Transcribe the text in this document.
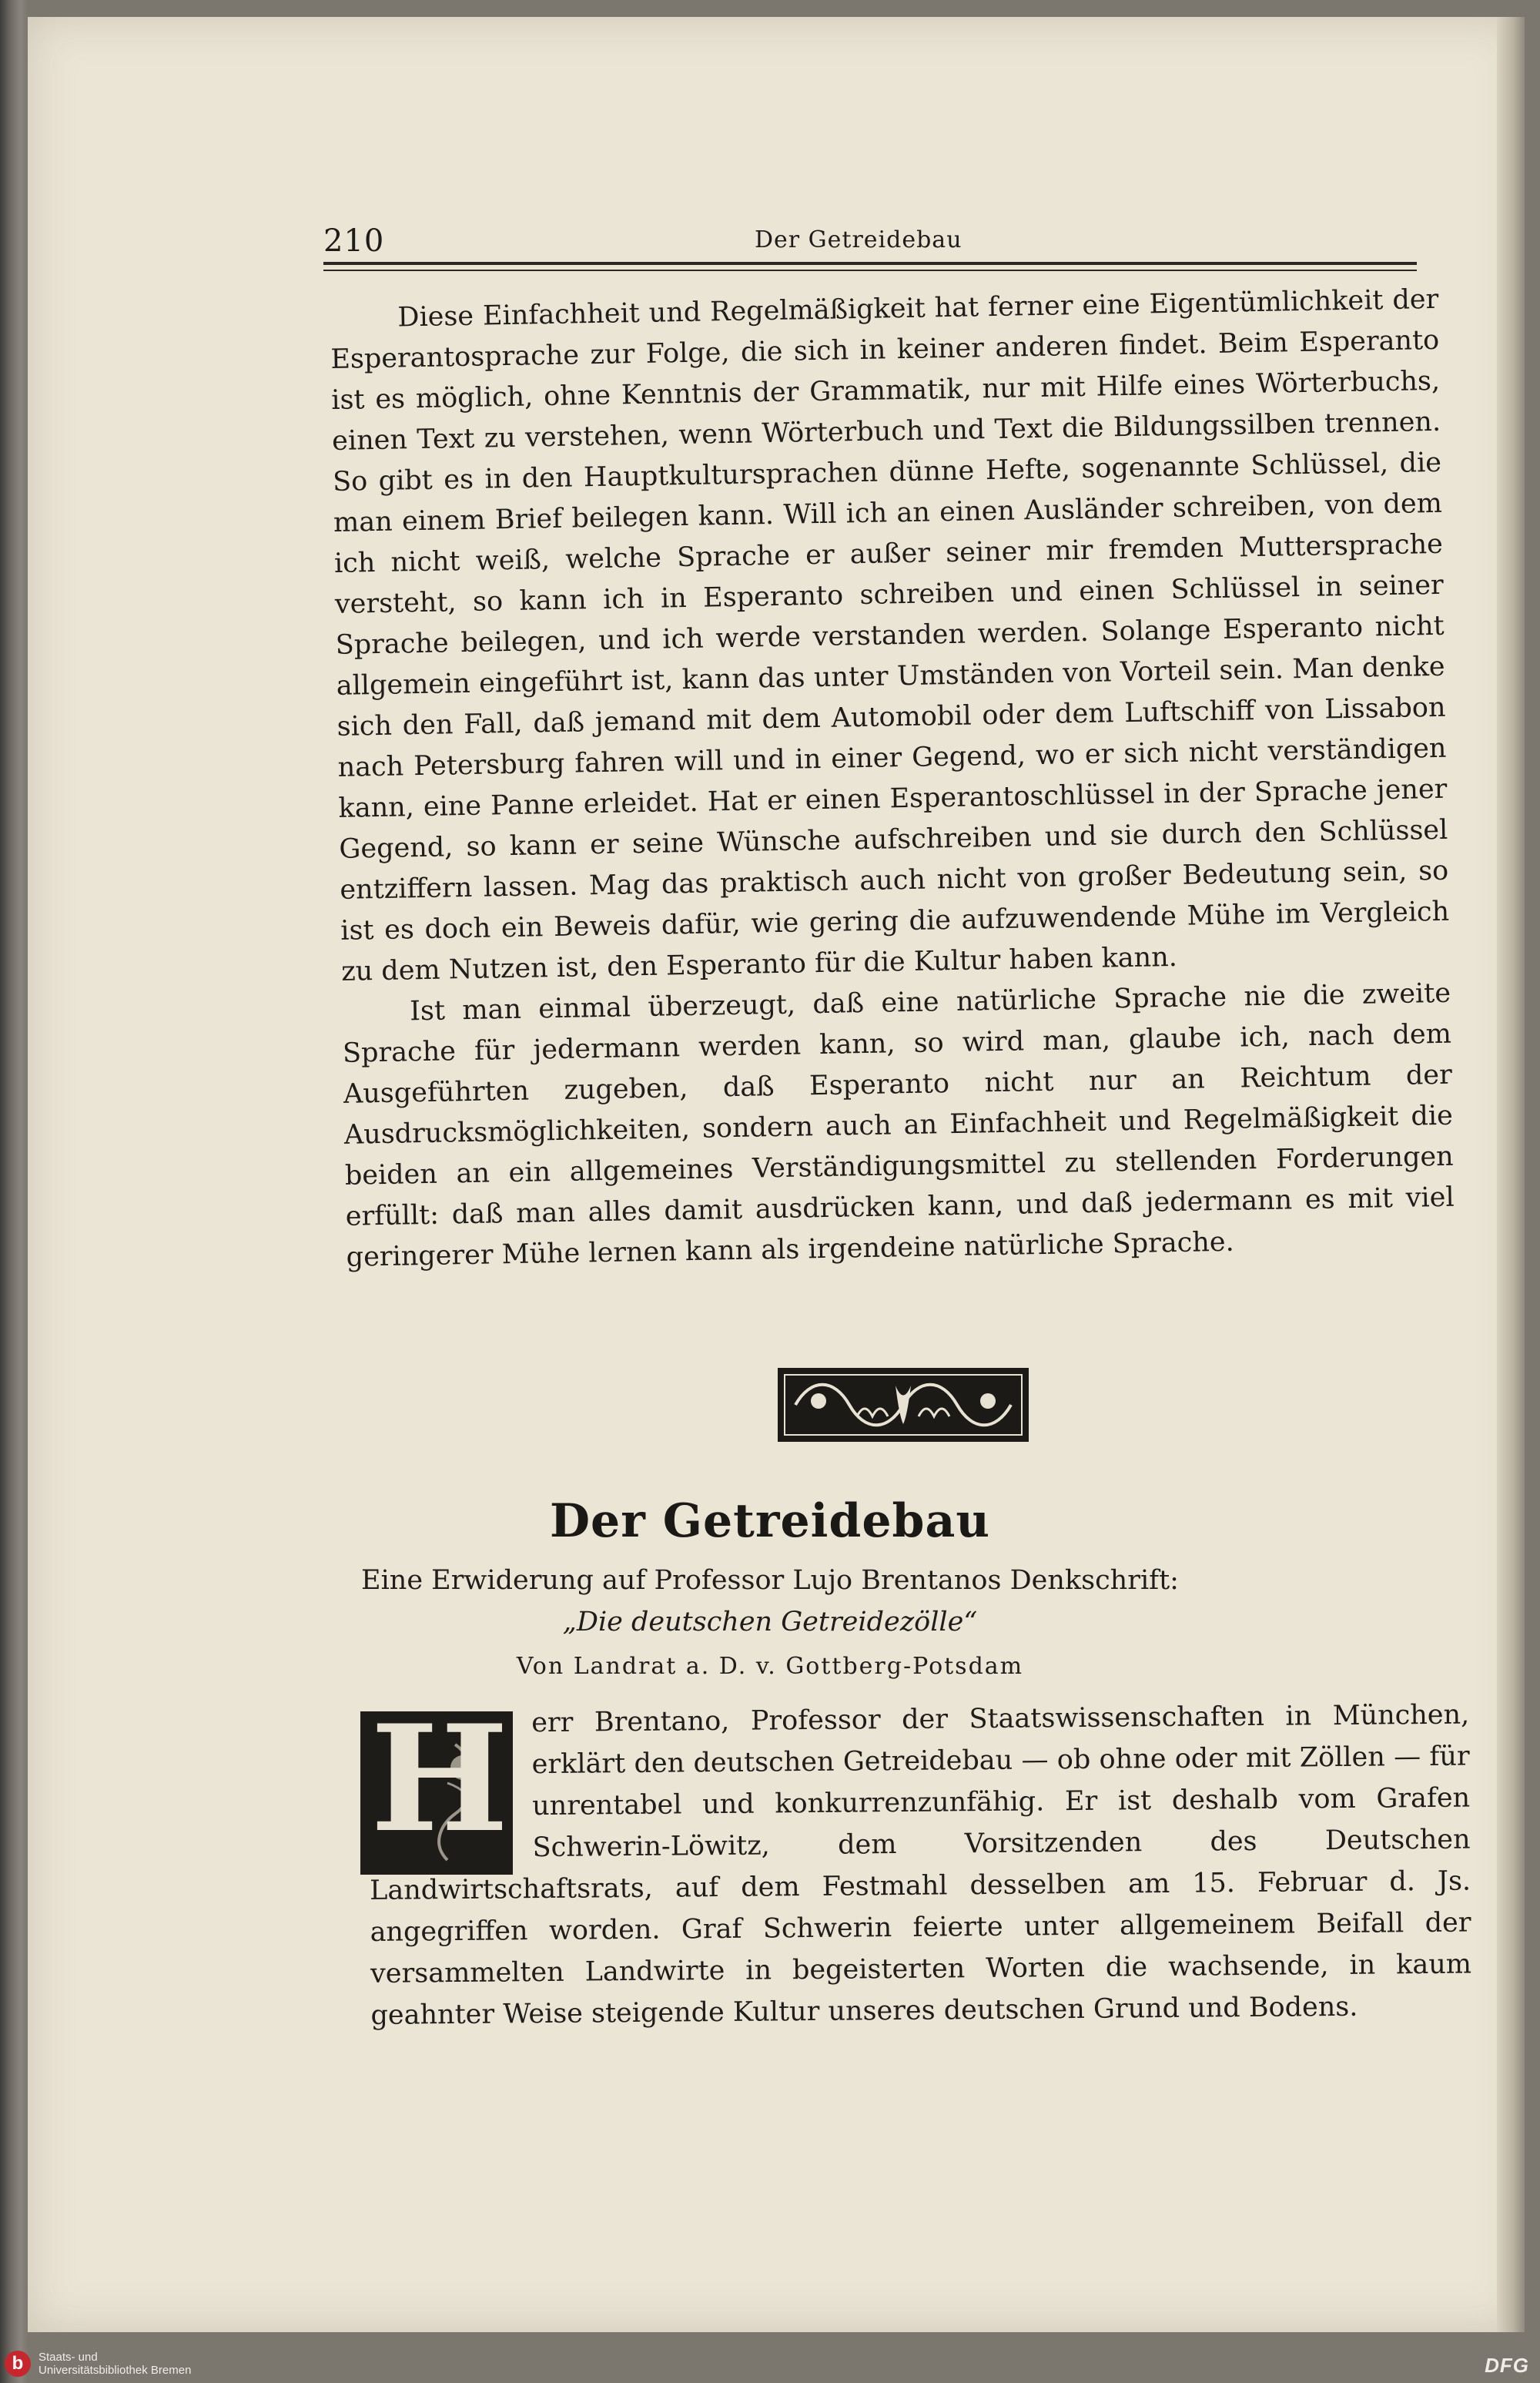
210	Der Getreidebau

Diese Einfachheit und Regelmäßigkeit hat ferner eine Eigentümlichkeit der Esperantosprache zur Folge, die sich in keiner anderen findet. Beim Esperanto ist es möglich, ohne Kenntnis der Grammatik, nur mit Hilfe eines Wörterbuchs, einen Text zu verstehen, wenn Wörterbuch und Text die Bildungssilben trennen. So gibt es in den Hauptkultursprachen dünne Hefte, sogenannte Schlüssel, die man einem Brief beilegen kann. Will ich an einen Ausländer schreiben, von dem ich nicht weiß, welche Sprache er außer seiner mir fremden Muttersprache versteht, so kann ich in Esperanto schreiben und einen Schlüssel in seiner Sprache beilegen, und ich werde verstanden werden. Solange Esperanto nicht allgemein eingeführt ist, kann das unter Umständen von Vorteil sein. Man denke sich den Fall, daß jemand mit dem Automobil oder dem Luftschiff von Lissabon nach Petersburg fahren will und in einer Gegend, wo er sich nicht verständigen kann, eine Panne erleidet. Hat er einen Esperantoschlüssel in der Sprache jener Gegend, so kann er seine Wünsche aufschreiben und sie durch den Schlüssel entziffern lassen. Mag das praktisch auch nicht von großer Bedeutung sein, so ist es doch ein Beweis dafür, wie gering die aufzuwendende Mühe im Vergleich zu dem Nutzen ist, den Esperanto für die Kultur haben kann.

Ist man einmal überzeugt, daß eine natürliche Sprache nie die zweite Sprache für jedermann werden kann, so wird man, glaube ich, nach dem Ausgeführten zugeben, daß Esperanto nicht nur an Reichtum der Ausdrucksmöglichkeiten, sondern auch an Einfachheit und Regelmäßigkeit die beiden an ein allgemeines Verständigungsmittel zu stellenden Forderungen erfüllt: daß man alles damit ausdrücken kann, und daß jedermann es mit viel geringerer Mühe lernen kann als irgendeine natürliche Sprache.

Der Getreidebau
Eine Erwiderung auf Professor Lujo Brentanos Denkschrift:
„Die deutschen Getreidezölle“
Von Landrat a. D. v. Gottberg-Potsdam
H err Brentano, Professor der Staatswissenschaften in München, erklärt den deutschen Getreidebau — ob ohne oder mit Zöllen — für unrentabel und konkurrenzunfähig. Er ist deshalb vom Grafen Schwerin-Löwitz, dem Vorsitzenden des Deutschen Landwirtschaftsrats, auf dem Festmahl desselben am 15. Februar d. Js. angegriffen worden. Graf Schwerin feierte unter allgemeinem Beifall der versammelten Landwirte in begeisterten Worten die wachsende, in kaum geahnter Weise steigende Kultur unseres deutschen Grund und Bodens.

b	Staats- und
Universitätsbibliothek Bremen	DFG
